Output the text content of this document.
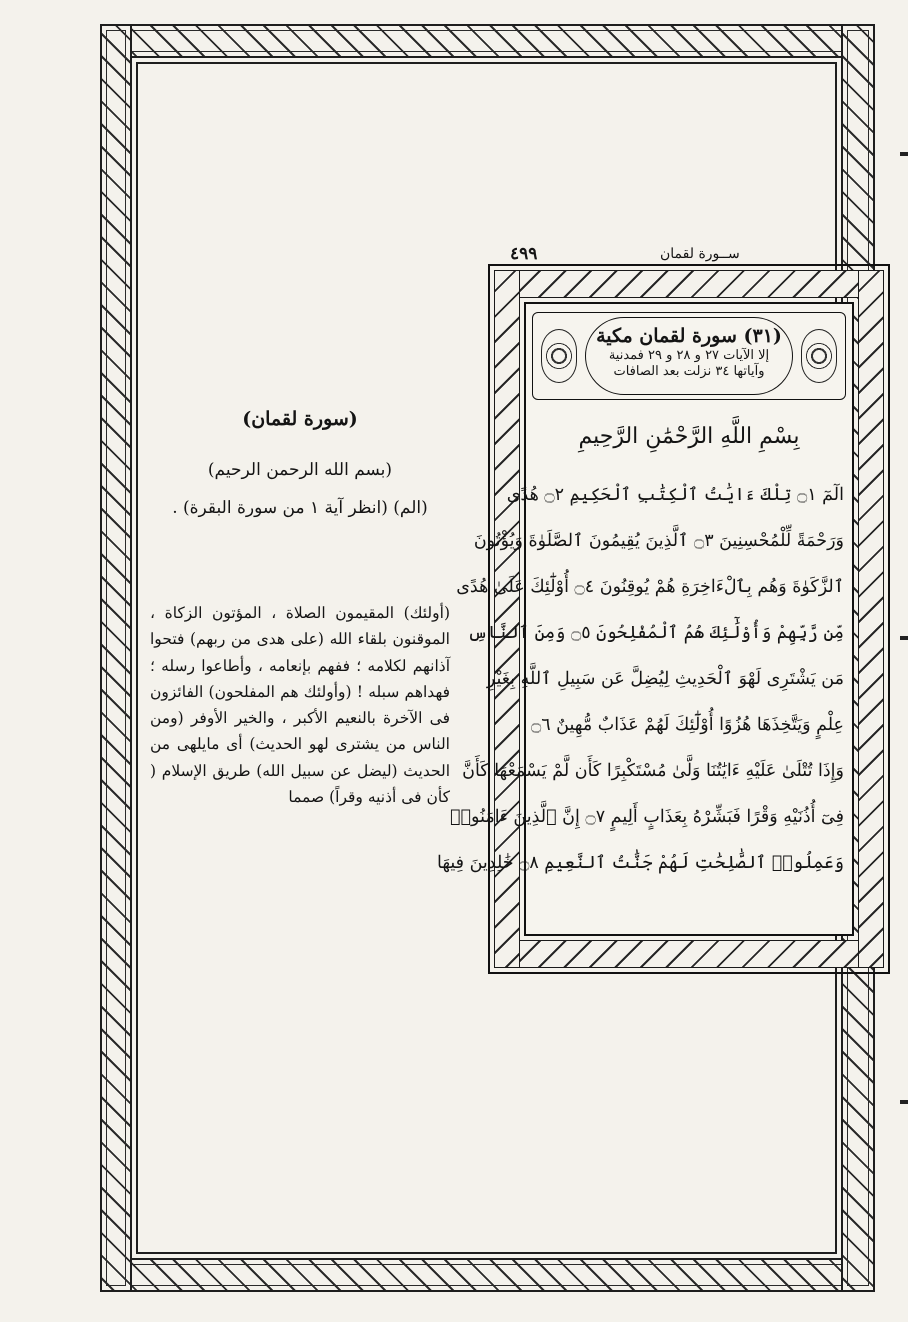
(سورة لقمان)
(بسم الله الرحمن الرحيم)
(الم) (انظر آية ١ من سورة البقرة) .
(أولئك) المقيمون الصلاة ، المؤتون الزكاة ، الموقنون بلقاء الله (على هدى من ربهم) فتحوا آذانهم لكلامه ؛ ففهم بإنعامه ، وأطاعوا رسله ؛ فهداهم سبله ! (وأولئك هم المفلحون) الفائزون فى الآخرة بالنعيم الأكبر ، والخير الأوفر (ومن الناس من يشترى لهو الحديث) أى مايلهى من الحديث (ليضل عن سبيل الله) طريق الإسلام ( كأن فى أذنيه وقراً) صمما
٤٩٩	ســورة لقمان
(٣١) سورة لقمان مكية
إلا الآيات ٢٧ و ٢٨ و ٢٩ فمدنية
وآياتها ٣٤ نزلت بعد الصافات
بِسْمِ اللَّهِ الرَّحْمَٰنِ الرَّحِيمِ
الٓمٓ ۝١ تِلْكَ ءَايَٰتُ ٱلْكِتَٰبِ ٱلْحَكِيمِ ۝٢ هُدًى
وَرَحْمَةً لِّلْمُحْسِنِينَ ۝٣ ٱلَّذِينَ يُقِيمُونَ ٱلصَّلَوٰةَ وَيُؤْتُونَ
ٱلزَّكَوٰةَ وَهُم بِٱلْءَاخِرَةِ هُمْ يُوقِنُونَ ۝٤ أُوْلَٰٓئِكَ عَلَىٰ هُدًى
مِّن رَّبِّهِمْ وَأُوْلَٰٓئِكَ هُمُ ٱلْمُفْلِحُونَ ۝٥ وَمِنَ ٱلنَّاسِ
مَن يَشْتَرِى لَهْوَ ٱلْحَدِيثِ لِيُضِلَّ عَن سَبِيلِ ٱللَّهِ بِغَيْرِ
عِلْمٍ وَيَتَّخِذَهَا هُزُوًا أُوْلَٰٓئِكَ لَهُمْ عَذَابٌ مُّهِينٌ ۝٦
وَإِذَا تُتْلَىٰ عَلَيْهِ ءَايَٰتُنَا وَلَّىٰ مُسْتَكْبِرًا كَأَن لَّمْ يَسْمَعْهَا كَأَنَّ
فِىٓ أُذُنَيْهِ وَقْرًا فَبَشِّرْهُ بِعَذَابٍ أَلِيمٍ ۝٧ إِنَّ ٱلَّذِينَ ءَامَنُوا۟
وَعَمِلُوا۟ ٱلصَّٰلِحَٰتِ لَهُمْ جَنَّٰتُ ٱلنَّعِيمِ ۝٨ خَٰلِدِينَ فِيهَا
